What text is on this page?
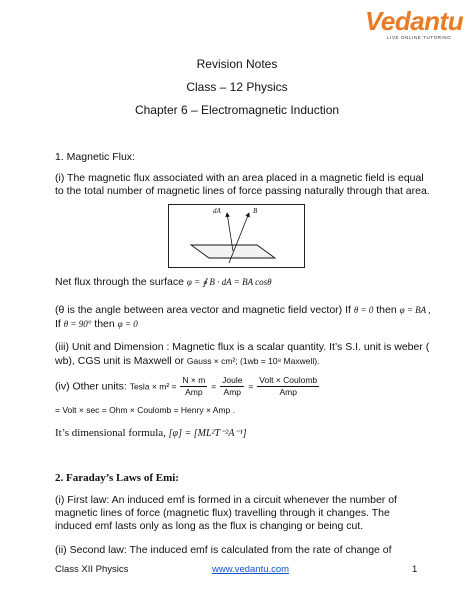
Vedantu
LIVE ONLINE TUTORING
Revision Notes
Class – 12 Physics
Chapter 6 – Electromagnetic Induction
1. Magnetic Flux:
(i) The magnetic flux associated with an area placed in a magnetic field is equal
to the total number of magnetic lines of force passing naturally through that area.
dA	B
Net flux through the surface φ = ∮ B · dA = BA cosθ
(θ is the angle between area vector and magnetic field vector) If θ = 0 then φ = BA ,
If θ = 90° then φ = 0
(iii) Unit and Dimension : Magnetic flux is a scalar quantity. It’s S.I. unit is weber (
wb), CGS unit is Maxwell or Gauss × cm²; (1wb = 10⁸ Maxwell).
(iv) Other units: Tesla × $m^2 = \frac{N \times m}{\text{Amp}} = \frac{\text{Joule}}{\text{Amp}} = \frac{\text{Volt × Coulomb}}{\text{Amp}}$
= Volt × sec = Ohm × Coulomb = Henry × Amp .
It’s dimensional formula, [φ] = [ML²T⁻²A⁻¹]
2. Faraday’s Laws of Emi:
(i) First law: An induced emf is formed in a circuit whenever the number of
magnetic lines of force (magnetic flux) travelling through it changes. The
induced emf lasts only as long as the flux is changing or being cut.
(ii) Second law: The induced emf is calculated from the rate of change of
Class XII Physics	www.vedantu.com	1
